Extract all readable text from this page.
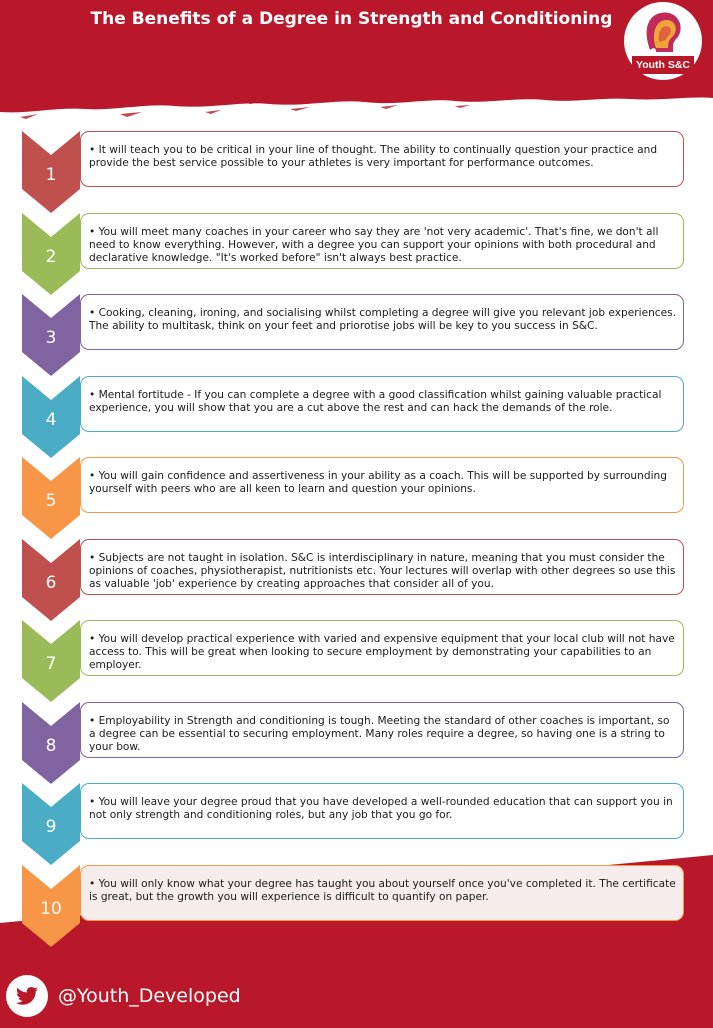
The Benefits of a Degree in Strength and Conditioning
Youth S&C
@Youth_Developed
1
• It will teach you to be critical in your line of thought. The ability to continually question your practice and provide the best service possible to your athletes is very important for performance outcomes.
2
• You will meet many coaches in your career who say they are 'not very academic'. That's fine, we don't all need to know everything. However, with a degree you can support your opinions with both procedural and declarative knowledge. "It's worked before" isn't always best practice.
3
• Cooking, cleaning, ironing, and socialising whilst completing a degree will give you relevant job experiences. The ability to multitask, think on your feet and priorotise jobs will be key to you success in S&C.
4
• Mental fortitude - If you can complete a degree with a good classification whilst gaining valuable practical experience, you will show that you are a cut above the rest and can hack the demands of the role.
5
• You will gain confidence and assertiveness in your ability as a coach. This will be supported by surrounding yourself with peers who are all keen to learn and question your opinions.
6
• Subjects are not taught in isolation. S&C is interdisciplinary in nature, meaning that you must consider the opinions of coaches, physiotherapist, nutritionists etc. Your lectures will overlap with other degrees so use this as valuable 'job' experience by creating approaches that consider all of you.
7
• You will develop practical experience with varied and expensive equipment that your local club will not have access to. This will be great when looking to secure employment by demonstrating your capabilities to an employer.
8
• Employability in Strength and conditioning is tough. Meeting the standard of other coaches is important, so a degree can be essential to securing employment. Many roles require a degree, so having one is a string to your bow.
9
• You will leave your degree proud that you have developed a well-rounded education that can support you in not only strength and conditioning roles, but any job that you go for.
10
• You will only know what your degree has taught you about yourself once you've completed it. The certificate is great, but the growth you will experience is difficult to quantify on paper.
